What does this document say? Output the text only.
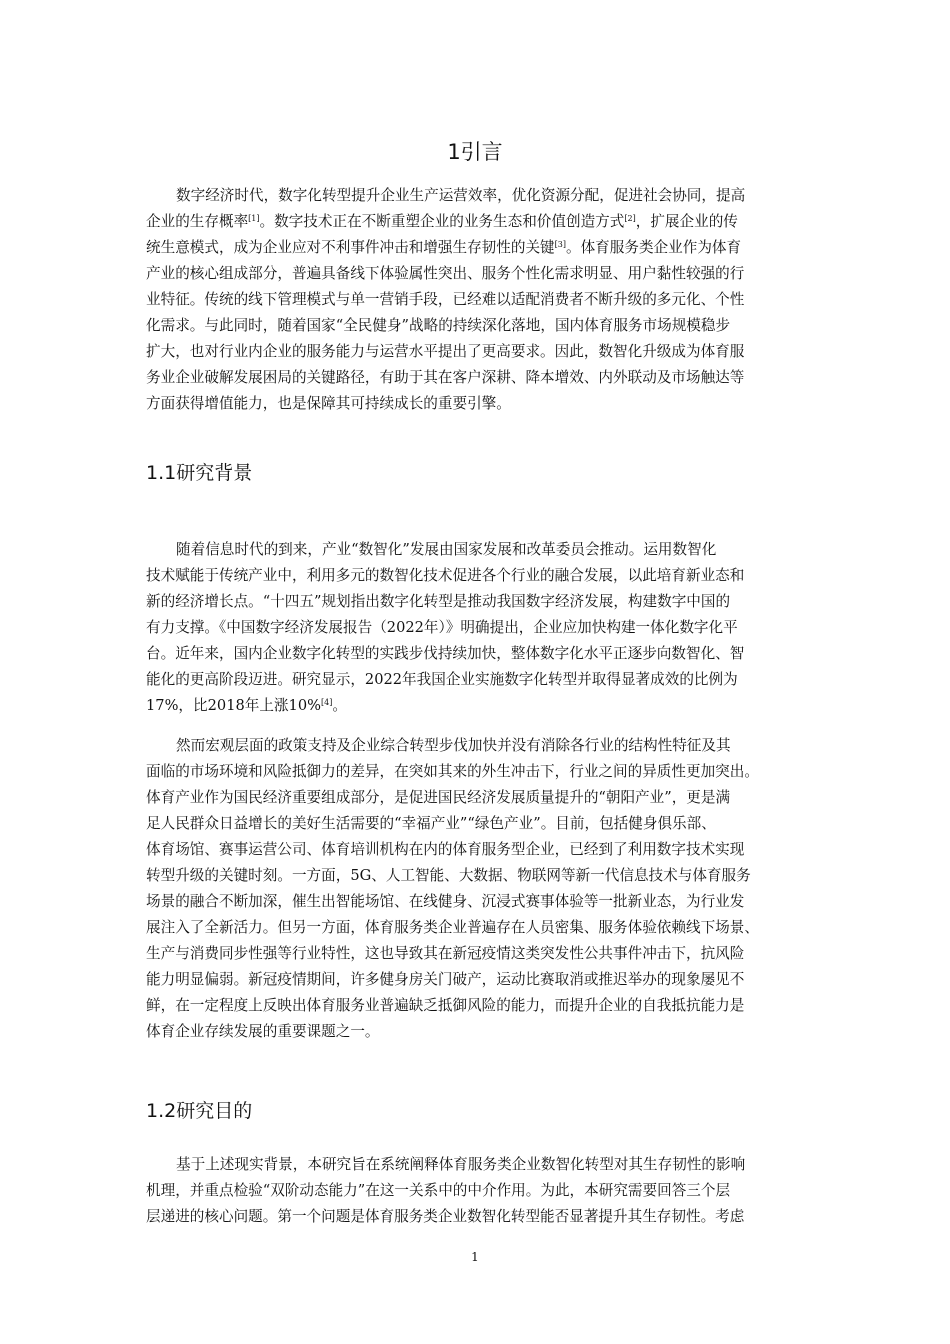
1引言
数字经济时代，数字化转型提升企业生产运营效率，优化资源分配，促进社会协同，提高
企业的生存概率[1]。数字技术正在不断重塑企业的业务生态和价值创造方式[2]，扩展企业的传
统生意模式，成为企业应对不利事件冲击和增强生存韧性的关键[3]。体育服务类企业作为体育
产业的核心组成部分，普遍具备线下体验属性突出、服务个性化需求明显、用户黏性较强的行
业特征。传统的线下管理模式与单一营销手段，已经难以适配消费者不断升级的多元化、个性
化需求。与此同时，随着国家“全民健身”战略的持续深化落地，国内体育服务市场规模稳步
扩大，也对行业内企业的服务能力与运营水平提出了更高要求。因此，数智化升级成为体育服
务业企业破解发展困局的关键路径，有助于其在客户深耕、降本增效、内外联动及市场触达等
方面获得增值能力，也是保障其可持续成长的重要引擎。
1.1研究背景
随着信息时代的到来，产业“数智化”发展由国家发展和改革委员会推动。运用数智化
技术赋能于传统产业中，利用多元的数智化技术促进各个行业的融合发展，以此培育新业态和
新的经济增长点。“十四五”规划指出数字化转型是推动我国数字经济发展，构建数字中国的
有力支撑。《中国数字经济发展报告（2022年）》明确提出，企业应加快构建一体化数字化平
台。近年来，国内企业数字化转型的实践步伐持续加快，整体数字化水平正逐步向数智化、智
能化的更高阶段迈进。研究显示，2022年我国企业实施数字化转型并取得显著成效的比例为
17%，比2018年上涨10%[4]。
然而宏观层面的政策支持及企业综合转型步伐加快并没有消除各行业的结构性特征及其
面临的市场环境和风险抵御力的差异，在突如其来的外生冲击下，行业之间的异质性更加突出。
体育产业作为国民经济重要组成部分，是促进国民经济发展质量提升的“朝阳产业”，更是满
足人民群众日益增长的美好生活需要的“幸福产业”“绿色产业”。目前，包括健身俱乐部、
体育场馆、赛事运营公司、体育培训机构在内的体育服务型企业，已经到了利用数字技术实现
转型升级的关键时刻。一方面，5G、人工智能、大数据、物联网等新一代信息技术与体育服务
场景的融合不断加深，催生出智能场馆、在线健身、沉浸式赛事体验等一批新业态，为行业发
展注入了全新活力。但另一方面，体育服务类企业普遍存在人员密集、服务体验依赖线下场景、
生产与消费同步性强等行业特性，这也导致其在新冠疫情这类突发性公共事件冲击下，抗风险
能力明显偏弱。新冠疫情期间，许多健身房关门破产，运动比赛取消或推迟举办的现象屡见不
鲜，在一定程度上反映出体育服务业普遍缺乏抵御风险的能力，而提升企业的自我抵抗能力是
体育企业存续发展的重要课题之一。
1.2研究目的
基于上述现实背景，本研究旨在系统阐释体育服务类企业数智化转型对其生存韧性的影响
机理，并重点检验“双阶动态能力”在这一关系中的中介作用。为此，本研究需要回答三个层
层递进的核心问题。第一个问题是体育服务类企业数智化转型能否显著提升其生存韧性。考虑
1
